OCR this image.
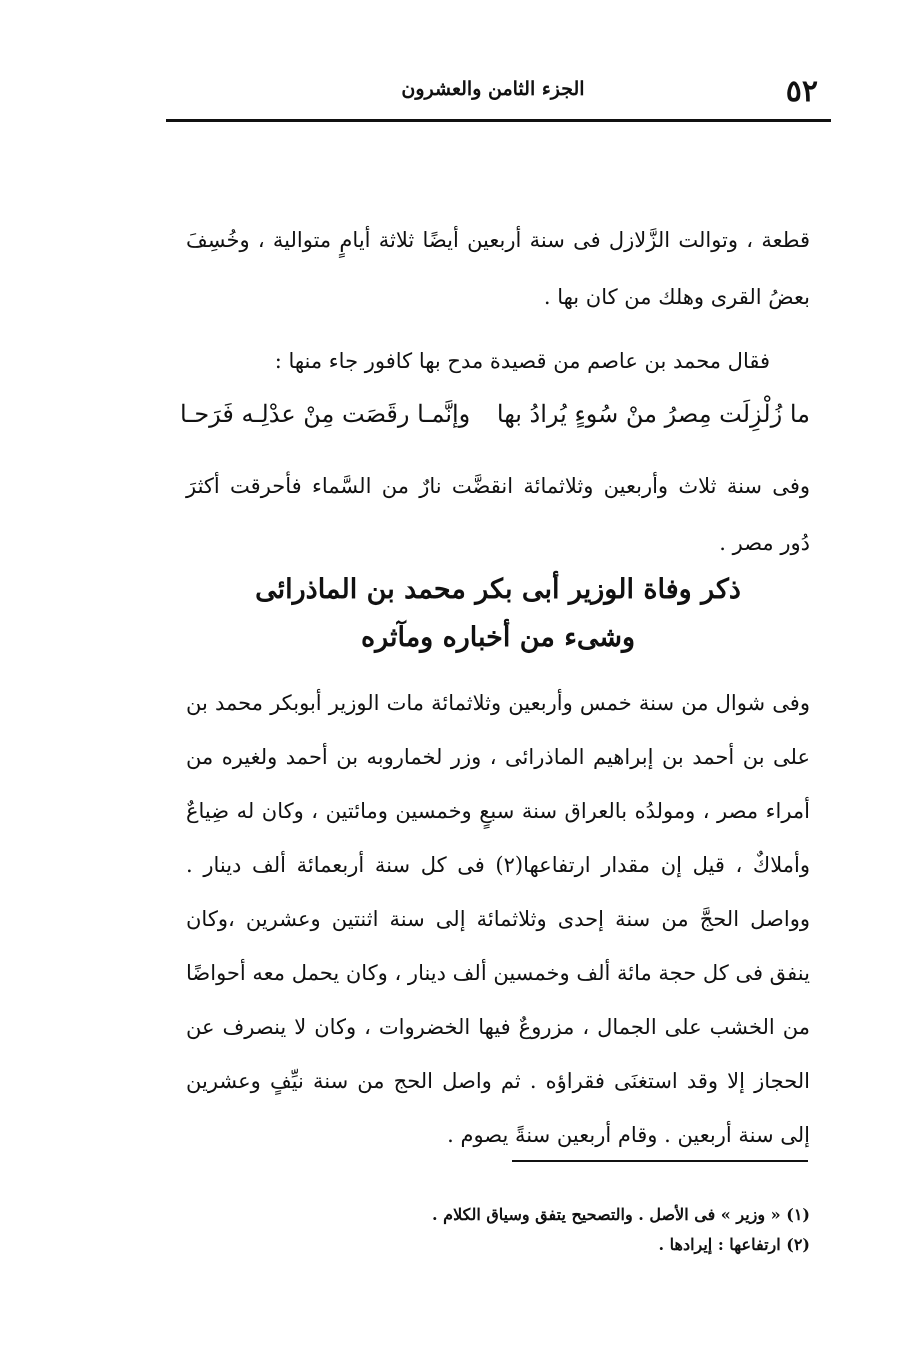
٥٢
الجزء الثامن والعشرون

قطعة ، وتوالت الزَّلازل فى سنة أربعين أيضًا ثلاثة أيامٍ متوالية ، وخُسِفَ بعضُ القرى وهلك من كان بها .

فقال محمد بن عاصم من قصيدة مدح بها كافور جاء منها :

ما زُلْزِلَت مِصرُ منْ سُوءٍ يُرادُ بها
وإنَّمـا رقَصَت مِنْ عدْلِـه فَرَحـا

وفى سنة ثلاث وأربعين وثلاثمائة انقضَّت نارٌ من السَّماء فأحرقت أكثرَ دُور مصر .

ذكر وفاة الوزير أبى بكر محمد بن الماذرائى
وشىء من أخباره ومآثره

وفى شوال من سنة خمس وأربعين وثلاثمائة مات الوزير أبوبكر محمد بن على بن أحمد بن إبراهيم الماذرائى ، وزر لخماروبه بن أحمد ولغيره من أمراء مصر ، ومولدُه بالعراق سنة سبعٍ وخمسين ومائتين ، وكان له ضِياعٌ وأملاكٌ ، قيل إن مقدار ارتفاعها(٢) فى كل سنة أربعمائة ألف دينار . وواصل الحجَّ من سنة إحدى وثلاثمائة إلى سنة اثنتين وعشرين ،وكان ينفق فى كل حجة مائة ألف وخمسين ألف دينار ، وكان يحمل معه أحواضًا من الخشب على الجمال ، مزروعٌ فيها الخضروات ، وكان لا ينصرف عن الحجاز إلا وقد استغنَى فقراؤه . ثم واصل الحج من سنة نيِّفٍ وعشرين إلى سنة أربعين . وقام أربعين سنةً يصوم .

(١) « وزير » فى الأصل . والتصحيح يتفق وسياق الكلام .
(٢) ارتفاعها : إيرادها .
